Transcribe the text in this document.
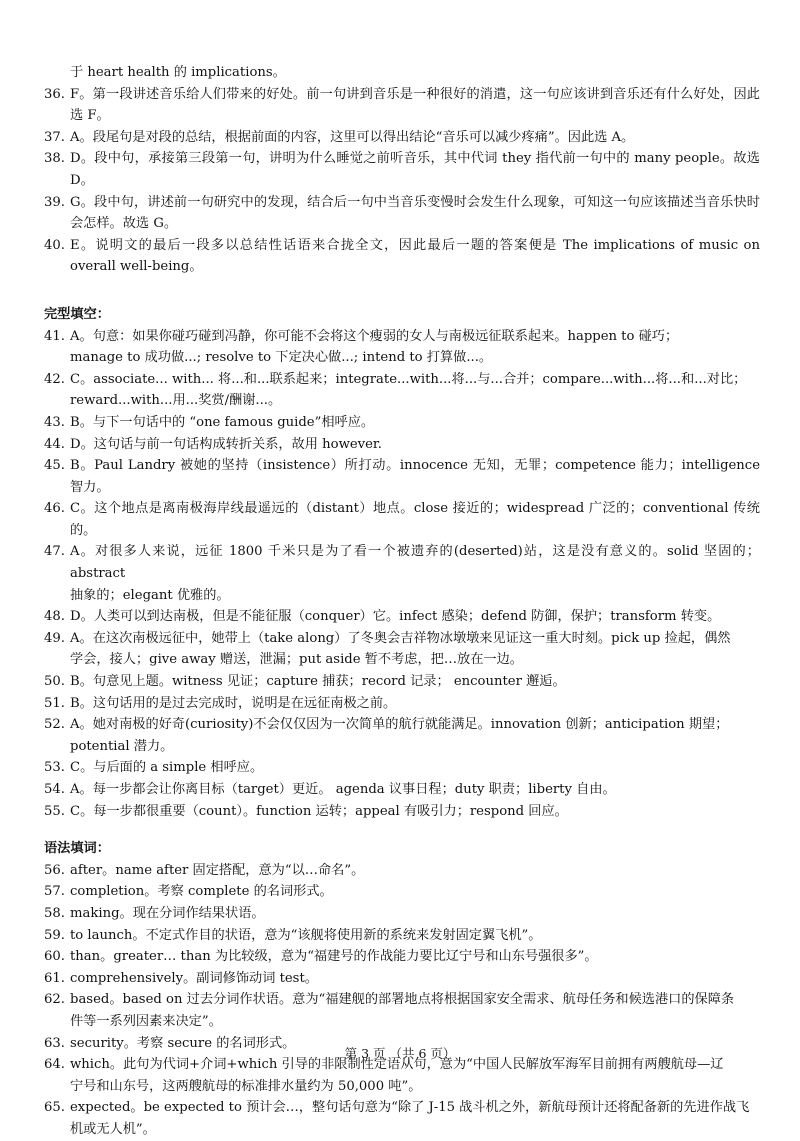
于 heart health 的 implications。
36. F。第一段讲述音乐给人们带来的好处。前一句讲到音乐是一种很好的消遣，这一句应该讲到音乐还有什么好处，因此选 F。
37. A。段尾句是对段的总结，根据前面的内容，这里可以得出结论“音乐可以减少疼痛”。因此选 A。
38. D。段中句，承接第三段第一句，讲明为什么睡觉之前听音乐，其中代词 they 指代前一句中的 many people。故选 D。
39. G。段中句，讲述前一句研究中的发现，结合后一句中当音乐变慢时会发生什么现象，可知这一句应该描述当音乐快时会怎样。故选 G。
40. E。说明文的最后一段多以总结性话语来合拢全文，因此最后一题的答案便是 The implications of music on overall well-being。
完型填空：
41. A。句意：如果你碰巧碰到冯静，你可能不会将这个瘦弱的女人与南极远征联系起来。happen to 碰巧；
manage to 成功做...; resolve to 下定决心做...; intend to 打算做...。
42. C。associate... with... 将...和...联系起来；integrate...with...将...与...合并；compare...with...将...和...对比；
reward...with...用...奖赏/酬谢...。
43. B。与下一句话中的 “one famous guide”相呼应。
44. D。这句话与前一句话构成转折关系，故用 however.
45. B。Paul Landry 被她的坚持（insistence）所打动。innocence 无知，无罪；competence 能力；intelligence 智力。
46. C。这个地点是离南极海岸线最遥远的（distant）地点。close 接近的；widespread 广泛的；conventional 传统的。
47. A。对很多人来说，远征 1800 千米只是为了看一个被遗弃的(deserted)站，这是没有意义的。solid 坚固的；abstract
抽象的；elegant 优雅的。
48. D。人类可以到达南极，但是不能征服（conquer）它。infect 感染；defend 防御，保护；transform 转变。
49. A。在这次南极远征中，她带上（take along）了冬奥会吉祥物冰墩墩来见证这一重大时刻。pick up 捡起，偶然
学会，接人；give away 赠送，泄漏；put aside 暂不考虑，把…放在一边。
50. B。句意见上题。witness 见证；capture 捕获；record 记录； encounter 邂逅。
51. B。这句话用的是过去完成时，说明是在远征南极之前。
52. A。她对南极的好奇(curiosity)不会仅仅因为一次简单的航行就能满足。innovation 创新；anticipation 期望；
potential 潜力。
53. C。与后面的 a simple 相呼应。
54. A。每一步都会让你离目标（target）更近。 agenda 议事日程；duty 职责；liberty 自由。
55. C。每一步都很重要（count）。function 运转；appeal 有吸引力；respond 回应。
语法填词：
56. after。name after 固定搭配，意为“以…命名”。
57. completion。考察 complete 的名词形式。
58. making。现在分词作结果状语。
59. to launch。不定式作目的状语，意为“该舰将使用新的系统来发射固定翼飞机”。
60. than。greater… than 为比较级，意为“福建号的作战能力要比辽宁号和山东号强很多”。
61. comprehensively。副词修饰动词 test。
62. based。based on 过去分词作状语。意为“福建舰的部署地点将根据国家安全需求、航母任务和候选港口的保障条
件等一系列因素来决定”。
63. security。考察 secure 的名词形式。
64. which。此句为代词+介词+which 引导的非限制性定语从句，意为“中国人民解放军海军目前拥有两艘航母—辽
宁号和山东号，这两艘航母的标准排水量约为 50,000 吨”。
65. expected。be expected to 预计会…，整句话句意为“除了 J-15 战斗机之外，新航母预计还将配备新的先进作战飞
机或无人机”。
第 3 页 （共 6 页）
